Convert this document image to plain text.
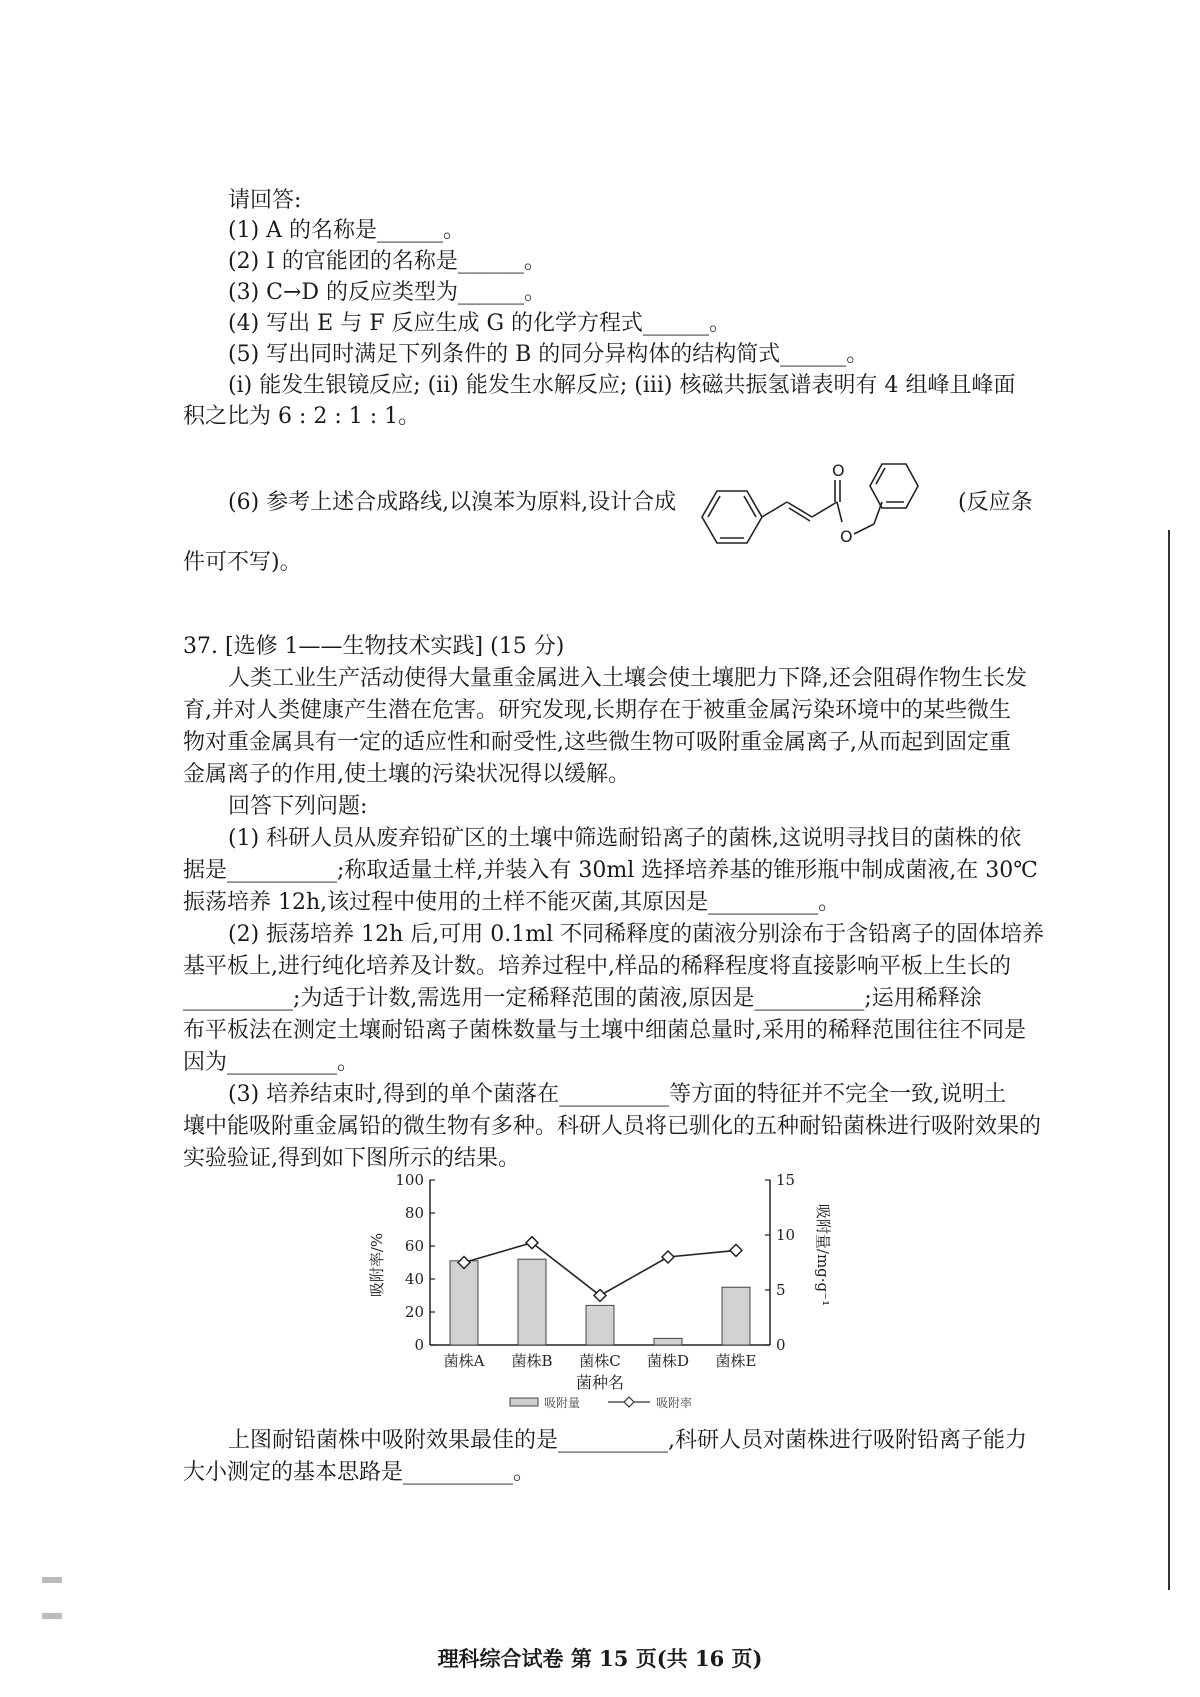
请回答:
(1) A 的名称是______。
(2) I 的官能团的名称是______。
(3) C→D 的反应类型为______。
(4) 写出 E 与 F 反应生成 G 的化学方程式______。
(5) 写出同时满足下列条件的 B 的同分异构体的结构简式______。
(i) 能发生银镜反应; (ii) 能发生水解反应; (iii) 核磁共振氢谱表明有 4 组峰且峰面
积之比为 6 : 2 : 1 : 1。
(6) 参考上述合成路线,以溴苯为原料,设计合成	(反应条
件可不写)。
O
O
37. [选修 1——生物技术实践] (15 分)
人类工业生产活动使得大量重金属进入土壤会使土壤肥力下降,还会阻碍作物生长发
育,并对人类健康产生潜在危害。研究发现,长期存在于被重金属污染环境中的某些微生
物对重金属具有一定的适应性和耐受性,这些微生物可吸附重金属离子,从而起到固定重
金属离子的作用,使土壤的污染状况得以缓解。
回答下列问题:
(1) 科研人员从废弃铅矿区的土壤中筛选耐铅离子的菌株,这说明寻找目的菌株的依
据是__________;称取适量土样,并装入有 30ml 选择培养基的锥形瓶中制成菌液,在 30℃
振荡培养 12h,该过程中使用的土样不能灭菌,其原因是__________。
(2) 振荡培养 12h 后,可用 0.1ml 不同稀释度的菌液分别涂布于含铅离子的固体培养
基平板上,进行纯化培养及计数。培养过程中,样品的稀释程度将直接影响平板上生长的
__________;为适于计数,需选用一定稀释范围的菌液,原因是__________;运用稀释涂
布平板法在测定土壤耐铅离子菌株数量与土壤中细菌总量时,采用的稀释范围往往不同是
因为__________。
(3) 培养结束时,得到的单个菌落在__________等方面的特征并不完全一致,说明土
壤中能吸附重金属铅的微生物有多种。科研人员将已驯化的五种耐铅菌株进行吸附效果的
实验验证,得到如下图所示的结果。
0
20
40
60
80
100
0
5
10
15
菌株A 菌株B 菌株C 菌株D 菌株E
吸附率/%	吸附量/mg·g⁻¹
菌种名
吸附量	吸附率
上图耐铅菌株中吸附效果最佳的是__________,科研人员对菌株进行吸附铅离子能力
大小测定的基本思路是__________。
理科综合试卷 第 15 页(共 16 页)
